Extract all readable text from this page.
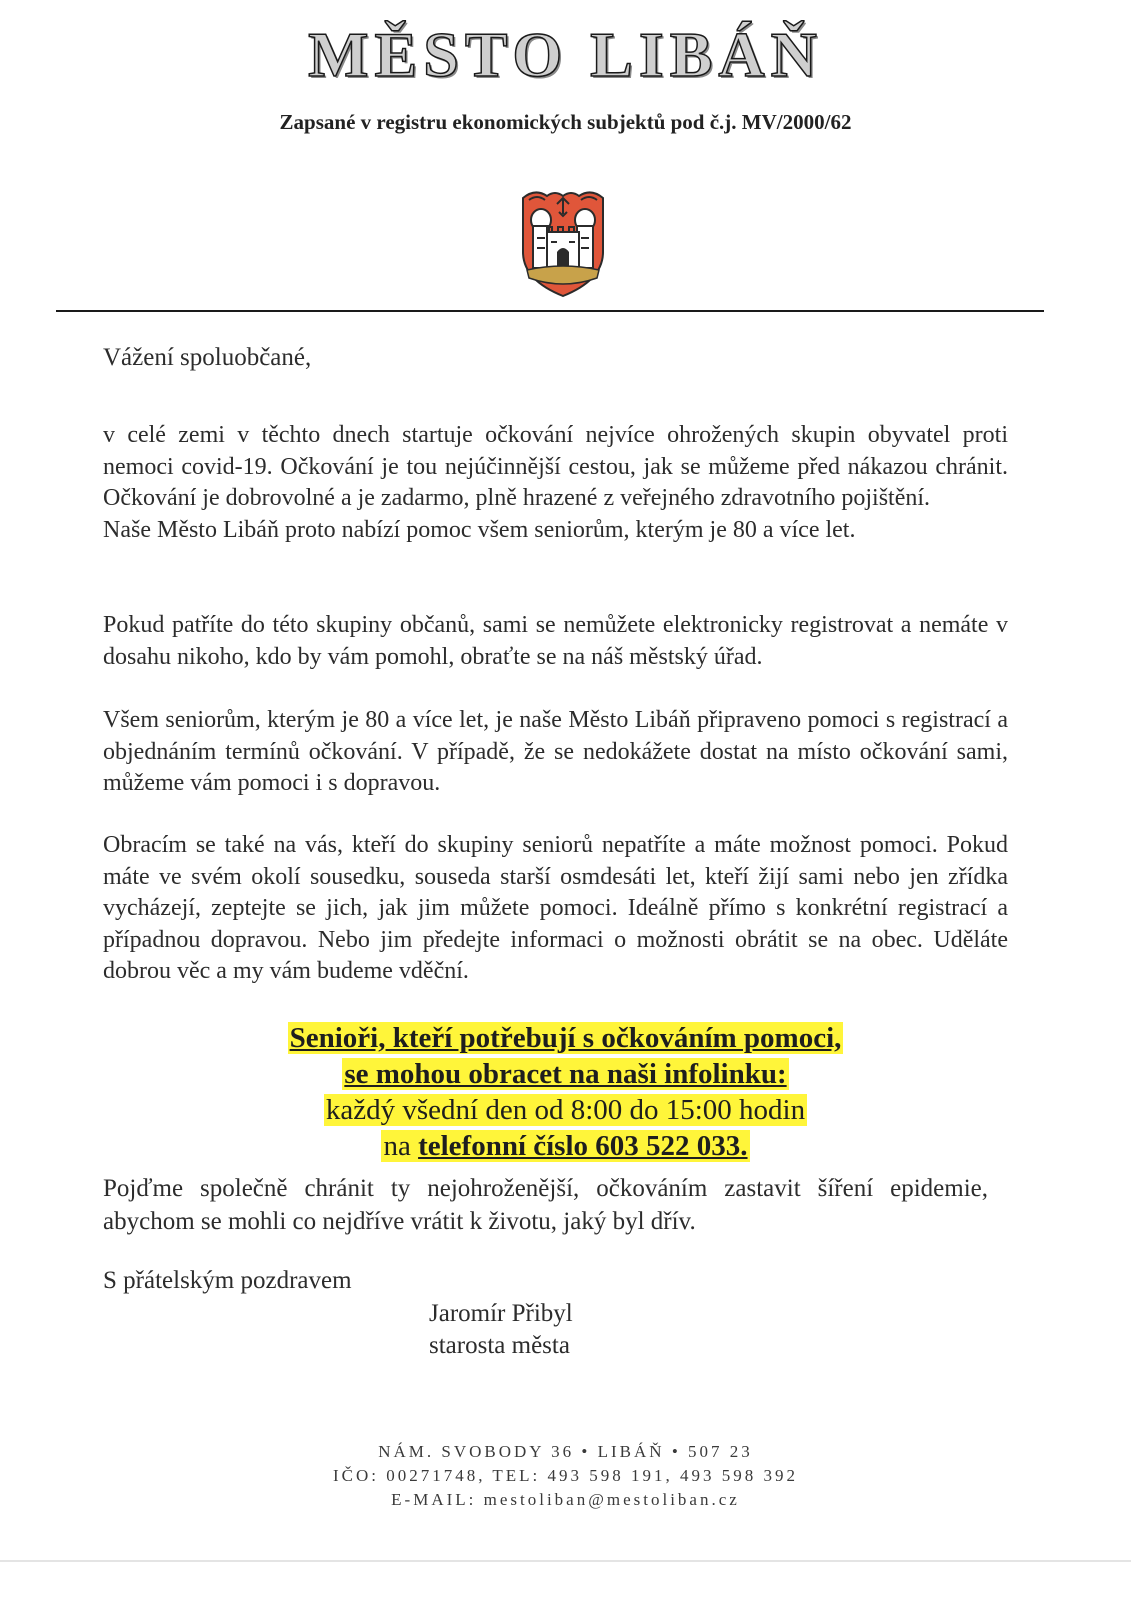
MĚSTO LIBÁŇ
Zapsané v registru ekonomických subjektů pod č.j. MV/2000/62

Vážení spoluobčané,

v celé zemi v těchto dnech startuje očkování nejvíce ohrožených skupin obyvatel proti nemoci covid-19. Očkování je tou nejúčinnější cestou, jak se můžeme před nákazou chránit. Očkování je dobrovolné a je zadarmo, plně hrazené z veřejného zdravotního pojištění.
Naše Město Libáň proto nabízí pomoc všem seniorům, kterým je 80 a více let.

Pokud patříte do této skupiny občanů, sami se nemůžete elektronicky registrovat a nemáte v dosahu nikoho, kdo by vám pomohl, obraťte se na náš městský úřad.

Všem seniorům, kterým je 80 a více let, je naše Město Libáň připraveno pomoci s registrací a objednáním termínů očkování. V případě, že se nedokážete dostat na místo očkování sami, můžeme vám pomoci i s dopravou.

Obracím se také na vás, kteří do skupiny seniorů nepatříte a máte možnost pomoci. Pokud máte ve svém okolí sousedku, souseda starší osmdesáti let, kteří žijí sami nebo jen zřídka vycházejí, zeptejte se jich, jak jim můžete pomoci. Ideálně přímo s konkrétní registrací a případnou dopravou. Nebo jim předejte informaci o možnosti obrátit se na obec. Uděláte dobrou věc a my vám budeme vděční.

Senioři, kteří potřebují s očkováním pomoci,
se mohou obracet na naši infolinku:
každý všední den od 8:00 do 15:00 hodin
na telefonní číslo 603 522 033.

Pojďme společně chránit ty nejohroženější, očkováním zastavit šíření epidemie, abychom se mohli co nejdříve vrátit k životu, jaký byl dřív.

S přátelským pozdravem

Jaromír Přibyl
starosta města
NÁM. SVOBODY 36 • LIBÁŇ • 507 23
IČO: 00271748, TEL: 493 598 191, 493 598 392
E-MAIL: mestoliban@mestoliban.cz
